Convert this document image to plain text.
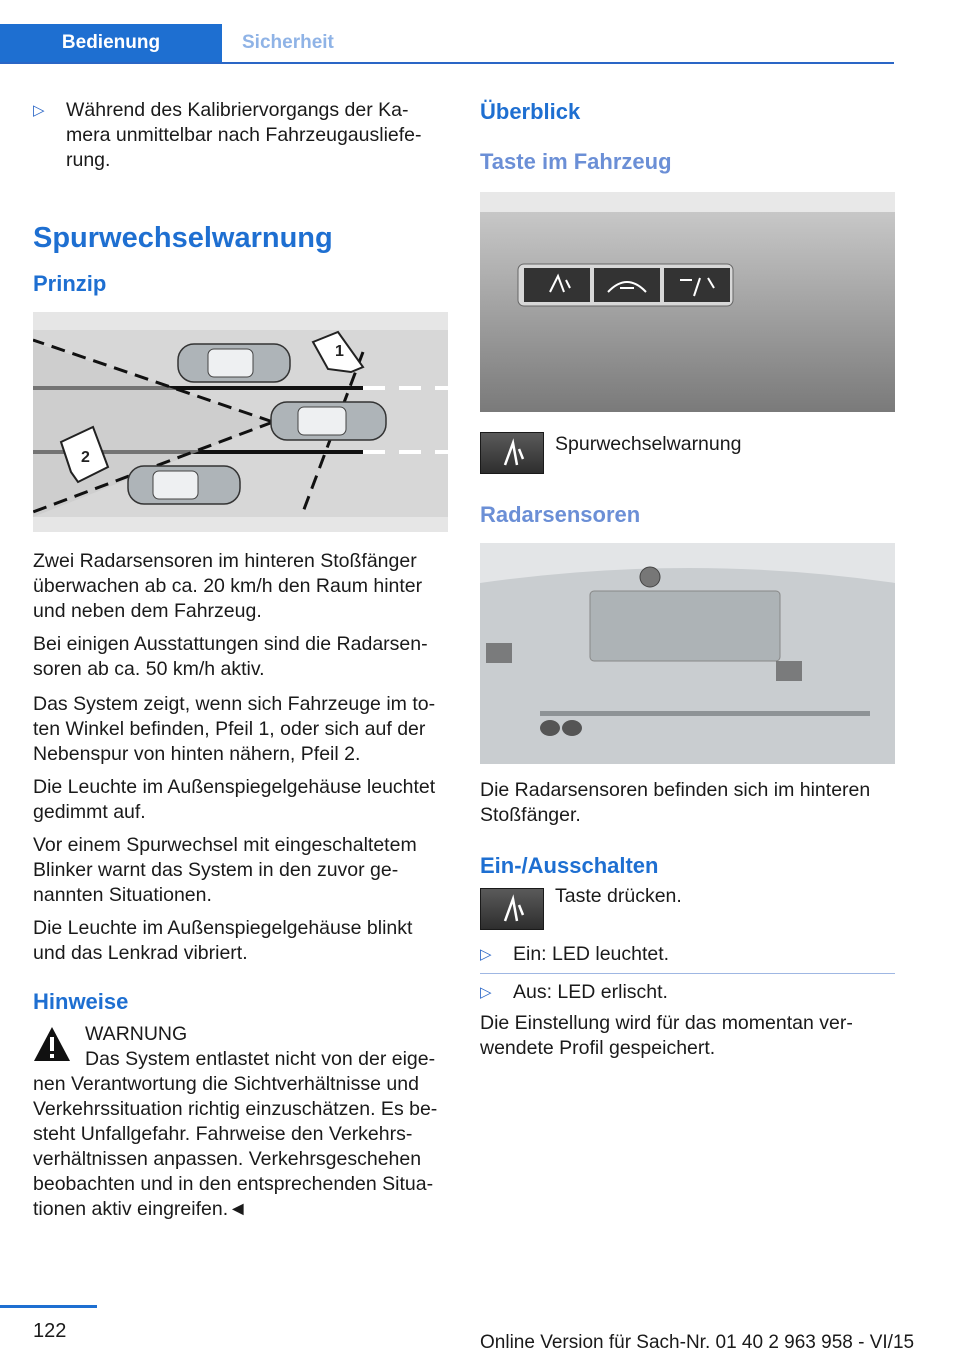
Bedienung	Sicherheit
▷ Während des Kalibriervorgangs der Ka-
mera unmittelbar nach Fahrzeugausliefe-
rung.
Spurwechselwarnung
Prinzip
1
2

Zwei Radarsensoren im hinteren Stoßfänger überwachen ab ca. 20 km/h den Raum hinter und neben dem Fahrzeug.

Bei einigen Ausstattungen sind die Radarsen-soren ab ca. 50 km/h aktiv.

Das System zeigt, wenn sich Fahrzeuge im to-ten Winkel befinden, Pfeil 1, oder sich auf der Nebenspur von hinten nähern, Pfeil 2.

Die Leuchte im Außenspiegelgehäuse leuchtet gedimmt auf.

Vor einem Spurwechsel mit eingeschaltetem Blinker warnt das System in den zuvor ge-nannten Situationen.

Die Leuchte im Außenspiegelgehäuse blinkt und das Lenkrad vibriert.

Hinweise

WARNUNG

Das System entlastet nicht von der eige-nen Verantwortung die Sichtverhältnisse und Verkehrssituation richtig einzuschätzen. Es be-steht Unfallgefahr. Fahrweise den Verkehrs-verhältnissen anpassen. Verkehrsgeschehen beobachten und in den entsprechenden Situa-tionen aktiv eingreifen.◄

Überblick
Taste im Fahrzeug

Spurwechselwarnung

Radarsensoren

Die Radarsensoren befinden sich im hinteren Stoßfänger.

Ein-/Ausschalten

Taste drücken.

▷ Ein: LED leuchtet.
▷ Aus: LED erlischt.

Die Einstellung wird für das momentan ver-wendete Profil gespeichert.

122
Online Version für Sach-Nr. 01 40 2 963 958 - VI/15
